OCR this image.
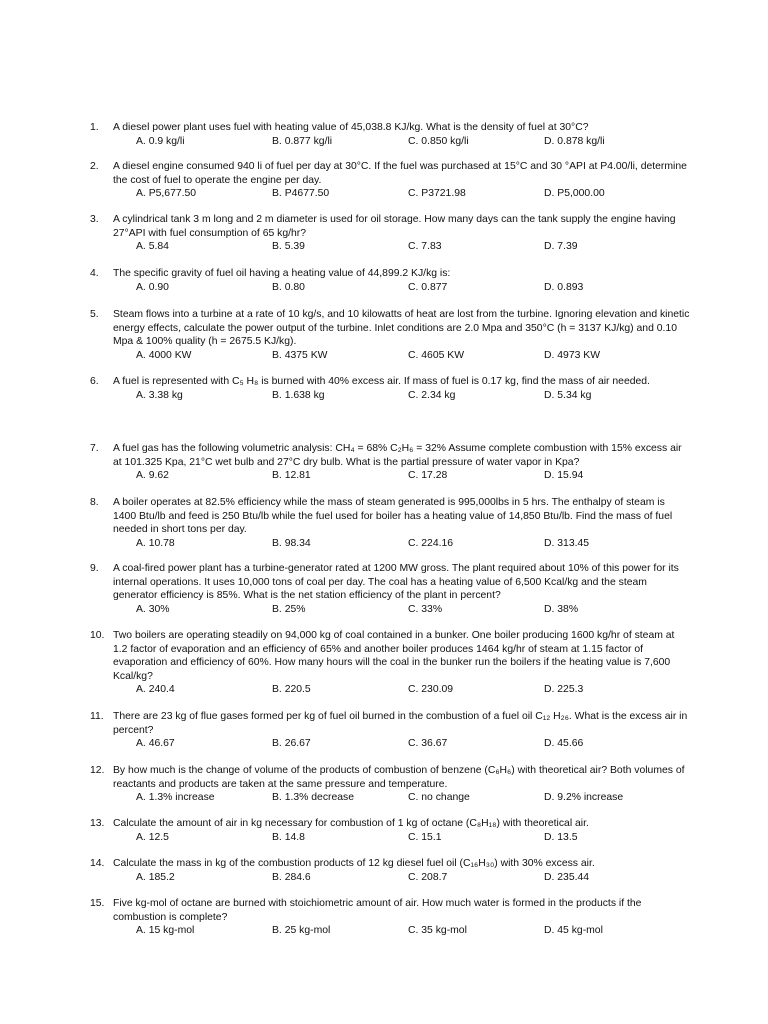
1. A diesel power plant uses fuel with heating value of 45,038.8 KJ/kg. What is the density of fuel at 30°C?
A. 0.9 kg/li	B. 0.877 kg/li	C. 0.850 kg/li	D. 0.878 kg/li
2. A diesel engine consumed 940 li of fuel per day at 30°C. If the fuel was purchased at 15°C and 30 °API at P4.00/li, determine the cost of fuel to operate the engine per day.
A. P5,677.50	B. P4677.50	C. P3721.98	D. P5,000.00
3. A cylindrical tank 3 m long and 2 m diameter is used for oil storage. How many days can the tank supply the engine having 27°API with fuel consumption of 65 kg/hr?
A. 5.84	B. 5.39	C. 7.83	D. 7.39
4. The specific gravity of fuel oil having a heating value of 44,899.2 KJ/kg is:
A. 0.90	B. 0.80	C. 0.877	D. 0.893
5. Steam flows into a turbine at a rate of 10 kg/s, and 10 kilowatts of heat are lost from the turbine. Ignoring elevation and kinetic energy effects, calculate the power output of the turbine. Inlet conditions are 2.0 Mpa and 350°C (h = 3137 KJ/kg) and 0.10 Mpa & 100% quality (h = 2675.5 KJ/kg).
A. 4000 KW	B. 4375 KW	C. 4605 KW	D. 4973 KW
6. A fuel is represented with C₅ H₈ is burned with 40% excess air. If mass of fuel is 0.17 kg, find the mass of air needed.
A. 3.38 kg	B. 1.638 kg	C. 2.34 kg	D. 5.34 kg
7. A fuel gas has the following volumetric analysis: CH₄ = 68% C₂H₆ = 32% Assume complete combustion with 15% excess air at 101.325 Kpa, 21°C wet bulb and 27°C dry bulb. What is the partial pressure of water vapor in Kpa?
A. 9.62	B. 12.81	C. 17.28	D. 15.94
8. A boiler operates at 82.5% efficiency while the mass of steam generated is 995,000lbs in 5 hrs. The enthalpy of steam is 1400 Btu/lb and feed is 250 Btu/lb while the fuel used for boiler has a heating value of 14,850 Btu/lb. Find the mass of fuel needed in short tons per day.
A. 10.78	B. 98.34	C. 224.16	D. 313.45
9. A coal-fired power plant has a turbine-generator rated at 1200 MW gross. The plant required about 10% of this power for its internal operations. It uses 10,000 tons of coal per day. The coal has a heating value of 6,500 Kcal/kg and the steam generator efficiency is 85%. What is the net station efficiency of the plant in percent?
A. 30%	B. 25%	C. 33%	D. 38%
10. Two boilers are operating steadily on 94,000 kg of coal contained in a bunker. One boiler producing 1600 kg/hr of steam at 1.2 factor of evaporation and an efficiency of 65% and another boiler produces 1464 kg/hr of steam at 1.15 factor of evaporation and efficiency of 60%. How many hours will the coal in the bunker run the boilers if the heating value is 7,600 Kcal/kg?
A. 240.4	B. 220.5	C. 230.09	D. 225.3
11. There are 23 kg of flue gases formed per kg of fuel oil burned in the combustion of a fuel oil C₁₂ H₂₆. What is the excess air in percent?
A. 46.67	B. 26.67	C. 36.67	D. 45.66
12. By how much is the change of volume of the products of combustion of benzene (C₆H₆) with theoretical air? Both volumes of reactants and products are taken at the same pressure and temperature.
A. 1.3% increase	B. 1.3% decrease	C. no change	D. 9.2% increase
13. Calculate the amount of air in kg necessary for combustion of 1 kg of octane (C₈H₁₈) with theoretical air.
A. 12.5	B. 14.8	C. 15.1	D. 13.5
14. Calculate the mass in kg of the combustion products of 12 kg diesel fuel oil (C₁₆H₃₀) with 30% excess air.
A. 185.2	B. 284.6	C. 208.7	D. 235.44
15. Five kg-mol of octane are burned with stoichiometric amount of air. How much water is formed in the products if the combustion is complete?
A. 15 kg-mol	B. 25 kg-mol	C. 35 kg-mol	D. 45 kg-mol
